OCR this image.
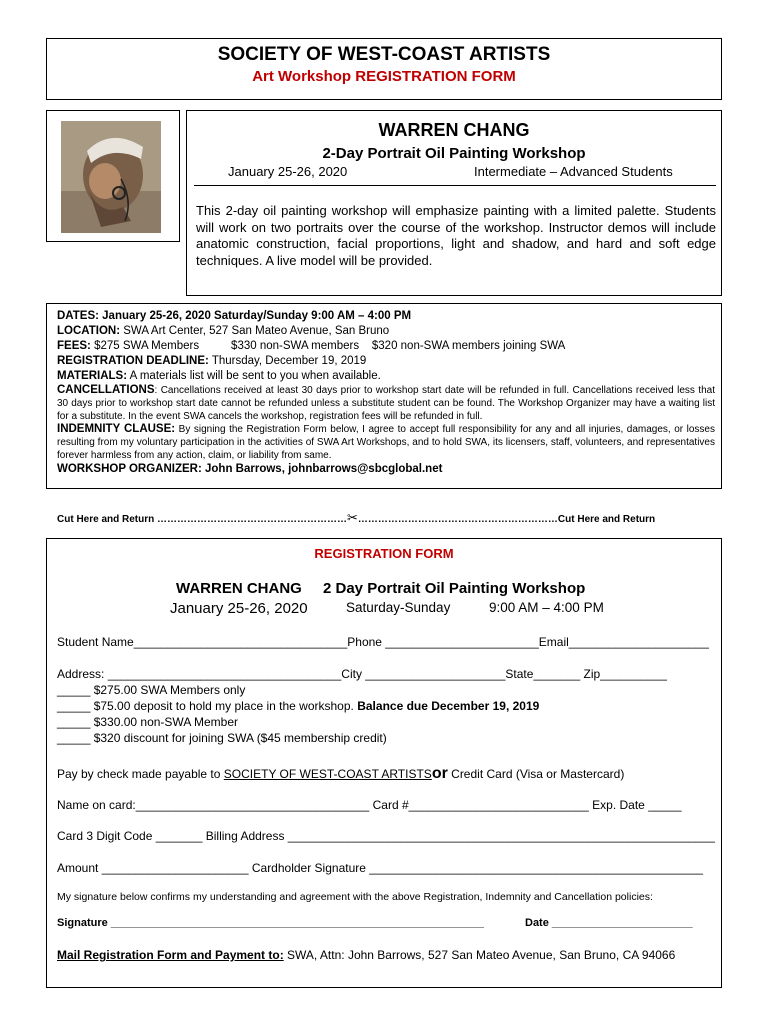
SOCIETY OF WEST-COAST ARTISTS
Art Workshop REGISTRATION FORM
WARREN CHANG
2-Day Portrait Oil Painting Workshop
January 25-26, 2020	Intermediate – Advanced Students
This 2-day oil painting workshop will emphasize painting with a limited palette. Students will work on two portraits over the course of the workshop. Instructor demos will include anatomic construction, facial proportions, light and shadow, and hard and soft edge techniques. A live model will be provided.
DATES: January 25-26, 2020 Saturday/Sunday 9:00 AM – 4:00 PM
LOCATION: SWA Art Center, 527 San Mateo Avenue, San Bruno
FEES: $275 SWA Members          $330 non-SWA members    $320 non-SWA members joining SWA
REGISTRATION DEADLINE: Thursday, December 19, 2019
MATERIALS: A materials list will be sent to you when available.
CANCELLATIONS: Cancellations received at least 30 days prior to workshop start date will be refunded in full. Cancellations received less that 30 days prior to workshop start date cannot be refunded unless a substitute student can be found. The Workshop Organizer may have a waiting list for a substitute. In the event SWA cancels the workshop, registration fees will be refunded in full.
INDEMNITY CLAUSE: By signing the Registration Form below, I agree to accept full responsibility for any and all injuries, damages, or losses resulting from my voluntary participation in the activities of SWA Art Workshops, and to hold SWA, its licensers, staff, volunteers, and representatives forever harmless from any action, claim, or liability from same.
WORKSHOP ORGANIZER: John Barrows, johnbarrows@sbcglobal.net
Cut Here and Return …………………………………………………✂……………………………………………………Cut Here and Return
REGISTRATION FORM
WARREN CHANG 2 Day Portrait Oil Painting Workshop
January 25-26, 2020	Saturday-Sunday	9:00 AM – 4:00 PM
Student Name________________________________Phone _______________________Email_____________________
Address: ___________________________________City _____________________State_______ Zip__________
_____ $275.00 SWA Members only
_____ $75.00 deposit to hold my place in the workshop. Balance due December 19, 2019
_____ $330.00 non-SWA Member
_____ $320 discount for joining SWA ($45 membership credit)
Pay by check made payable to SOCIETY OF WEST-COAST ARTISTSor Credit Card (Visa or Mastercard)
Name on card:___________________________________ Card #___________________________ Exp. Date _____
Card 3 Digit Code _______ Billing Address ________________________________________________________________
Amount ______________________ Cardholder Signature __________________________________________________
My signature below confirms my understanding and agreement with the above Registration, Indemnity and Cancellation policies:
Signature _____________________________________________________________	Date _______________________
Mail Registration Form and Payment to: SWA, Attn: John Barrows, 527 San Mateo Avenue, San Bruno, CA 94066
